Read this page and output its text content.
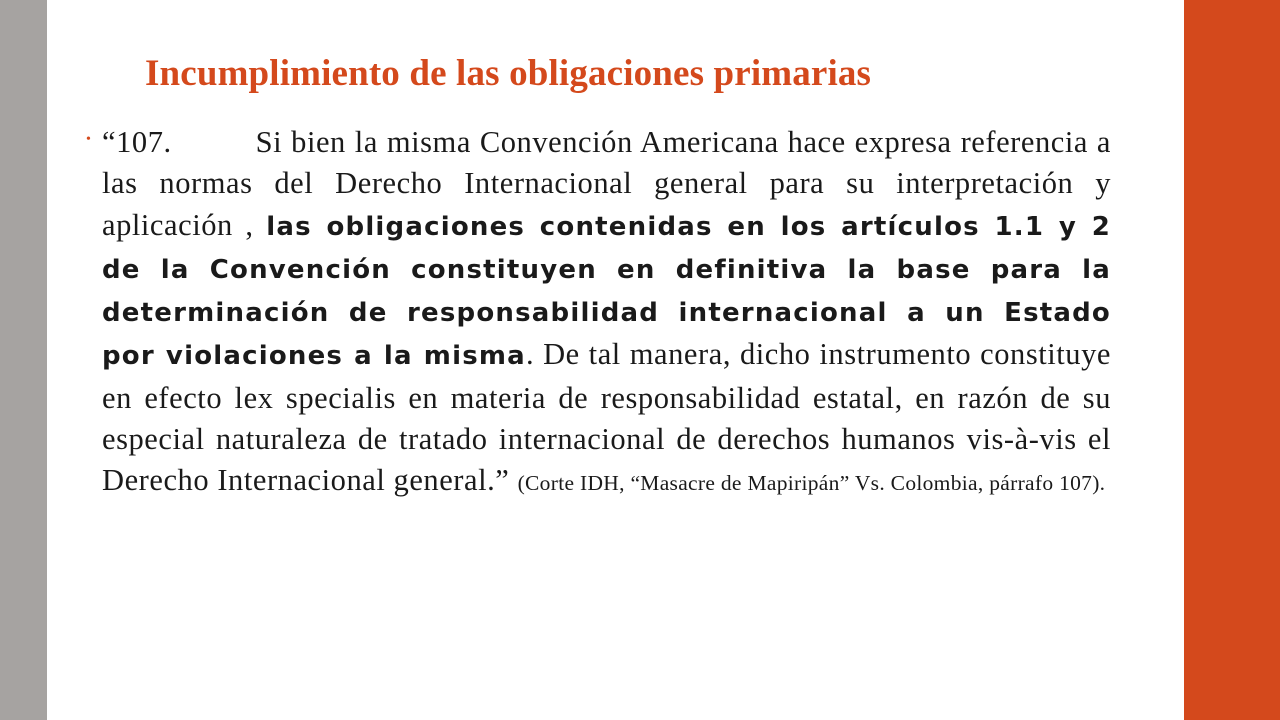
Incumplimiento de las obligaciones primarias
• “107.	Si bien la misma Convención Americana hace expresa referencia a las normas del Derecho Internacional general para su interpretación y aplicación , las obligaciones contenidas en los artículos 1.1 y 2 de la Convención constituyen en definitiva la base para la determinación de responsabilidad internacional a un Estado por violaciones a la misma. De tal manera, dicho instrumento constituye en efecto lex specialis en materia de responsabilidad estatal, en razón de su especial naturaleza de tratado internacional de derechos humanos vis-à-vis el Derecho Internacional general.” (Corte IDH, “Masacre de Mapiripán” Vs. Colombia, párrafo 107).
